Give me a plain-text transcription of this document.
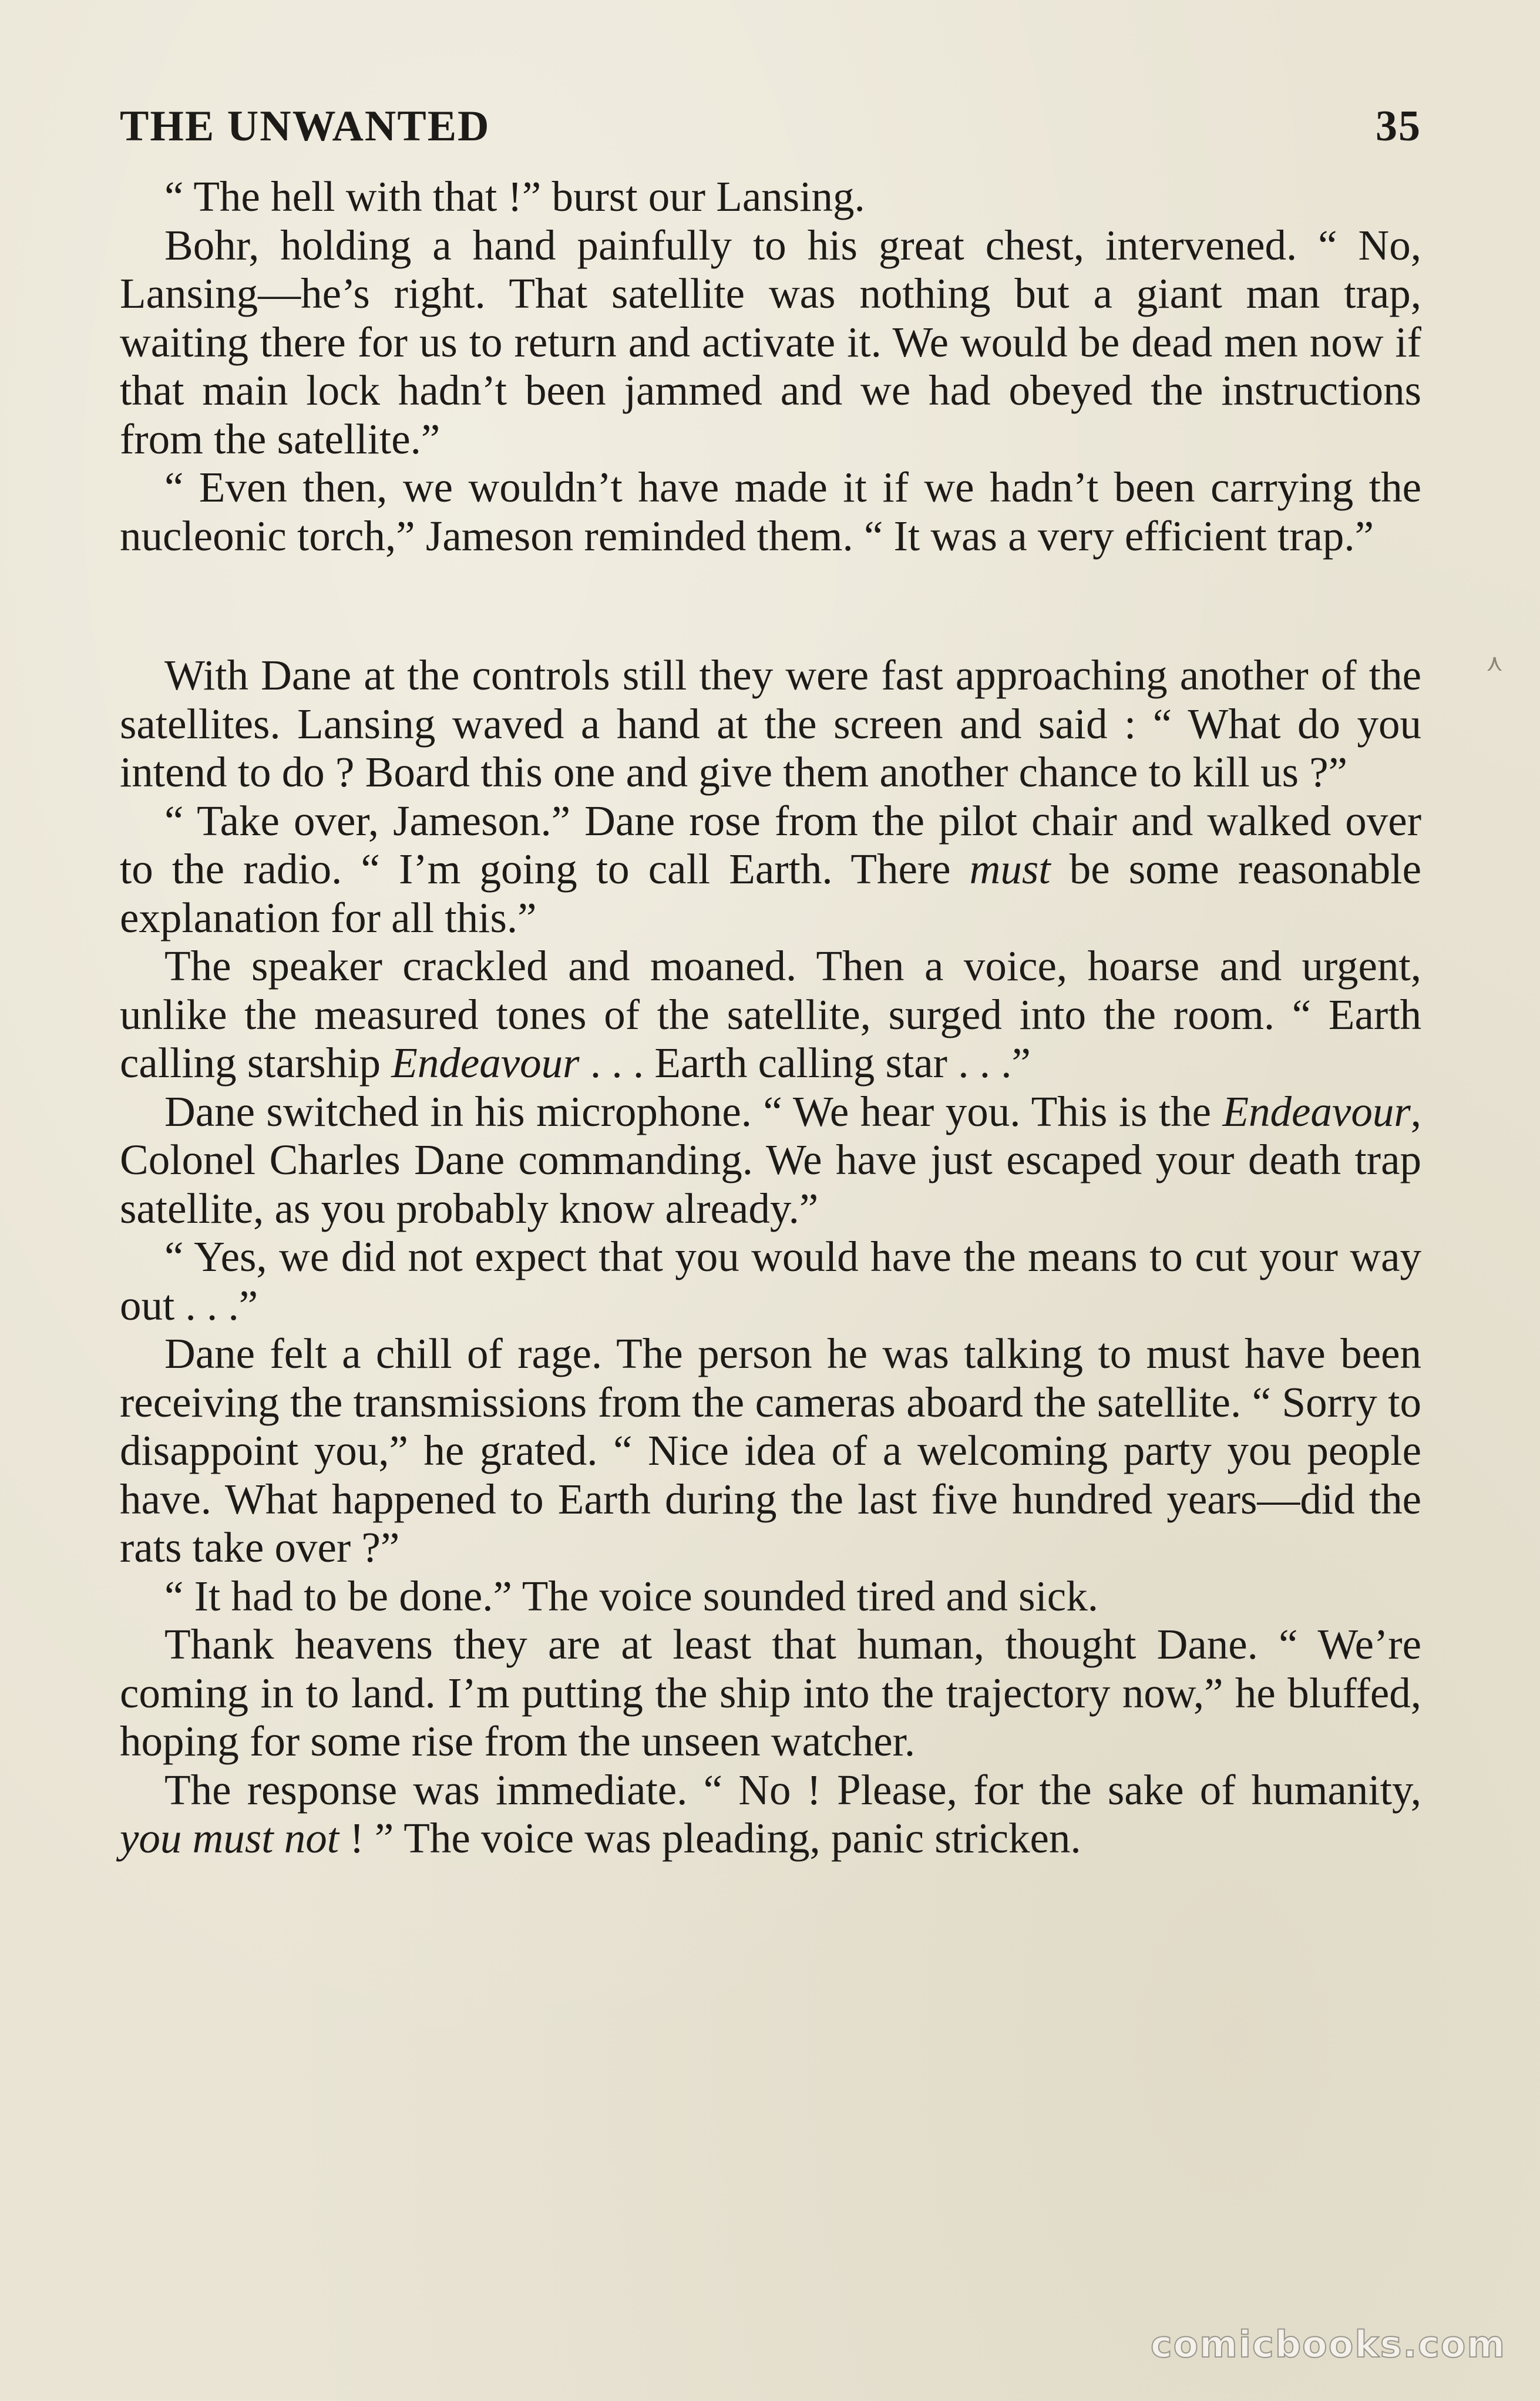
THE UNWANTED	35

“ The hell with that !” burst our Lansing.

Bohr, holding a hand painfully to his great chest, intervened. “ No, Lansing—he’s right. That satellite was nothing but a giant man trap, waiting there for us to return and activate it. We would be dead men now if that main lock hadn’t been jammed and we had obeyed the instructions from the satellite.”

“ Even then, we wouldn’t have made it if we hadn’t been carrying the nucleonic torch,” Jameson reminded them. “ It was a very efficient trap.”

With Dane at the controls still they were fast approaching another of the satellites. Lansing waved a hand at the screen and said : “ What do you intend to do ? Board this one and give them another chance to kill us ?”

“ Take over, Jameson.” Dane rose from the pilot chair and walked over to the radio. “ I’m going to call Earth. There must be some reasonable explanation for all this.”

The speaker crackled and moaned. Then a voice, hoarse and urgent, unlike the measured tones of the satellite, surged into the room. “ Earth calling starship Endeavour . . . Earth calling star . . .”

Dane switched in his microphone. “ We hear you. This is the Endeavour, Colonel Charles Dane commanding. We have just escaped your death trap satellite, as you probably know already.”

“ Yes, we did not expect that you would have the means to cut your way out . . .”

Dane felt a chill of rage. The person he was talking to must have been receiving the transmissions from the cameras aboard the satellite. “ Sorry to disappoint you,” he grated. “ Nice idea of a welcoming party you people have. What happened to Earth during the last five hundred years—did the rats take over ?”

“ It had to be done.” The voice sounded tired and sick.

Thank heavens they are at least that human, thought Dane. “ We’re coming in to land. I’m putting the ship into the trajectory now,” he bluffed, hoping for some rise from the unseen watcher.

The response was immediate. “ No ! Please, for the sake of humanity, you must not ! ” The voice was pleading, panic stricken.

⋏
comicbooks.com
